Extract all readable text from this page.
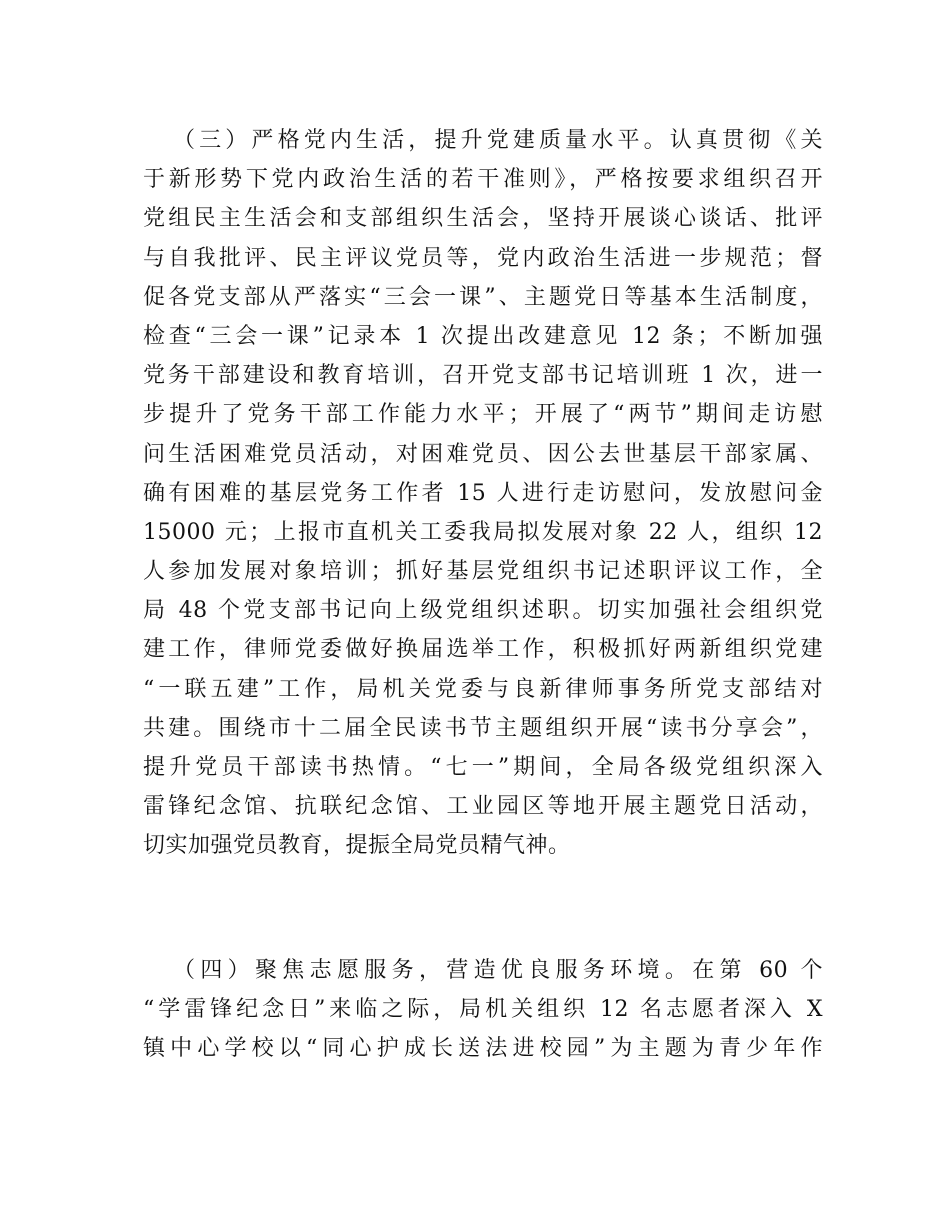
（三）严格党内生活，提升党建质量水平。认真贯彻《关
于新形势下党内政治生活的若干准则》，严格按要求组织召开
党组民主生活会和支部组织生活会，坚持开展谈心谈话、批评
与自我批评、民主评议党员等，党内政治生活进一步规范；督
促各党支部从严落实“三会一课”、主题党日等基本生活制度，
检查“三会一课”记录本 1 次提出改建意见 12 条；不断加强
党务干部建设和教育培训，召开党支部书记培训班 1 次，进一
步提升了党务干部工作能力水平；开展了“两节”期间走访慰
问生活困难党员活动，对困难党员、因公去世基层干部家属、
确有困难的基层党务工作者 15 人进行走访慰问，发放慰问金
15000 元；上报市直机关工委我局拟发展对象 22 人，组织 12
人参加发展对象培训；抓好基层党组织书记述职评议工作，全
局 48 个党支部书记向上级党组织述职。切实加强社会组织党
建工作，律师党委做好换届选举工作，积极抓好两新组织党建
“一联五建”工作，局机关党委与良新律师事务所党支部结对
共建。围绕市十二届全民读书节主题组织开展“读书分享会”，
提升党员干部读书热情。“七一”期间，全局各级党组织深入
雷锋纪念馆、抗联纪念馆、工业园区等地开展主题党日活动，
切实加强党员教育，提振全局党员精气神。
（四）聚焦志愿服务，营造优良服务环境。在第 60 个
“学雷锋纪念日”来临之际，局机关组织 12 名志愿者深入 X
镇中心学校以“同心护成长送法进校园”为主题为青少年作
